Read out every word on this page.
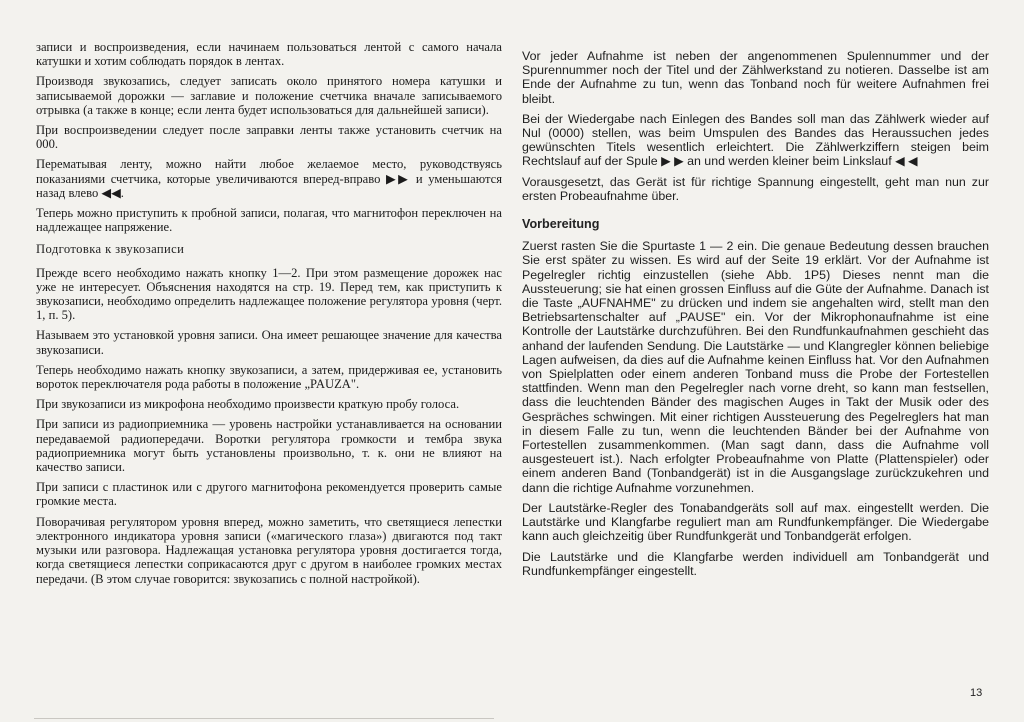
записи и воспроизведения, если начинаем пользоваться лентой с самого начала катушки и хотим соблюдать порядок в лентах.

Производя звукозапись, следует записать около принятого номера катушки и записываемой дорожки — заглавие и положение счетчика вначале записываемого отрывка (а также в конце; если лента будет использоваться для дальнейшей записи).

При воспроизведении следует после заправки ленты также установить счетчик на 000.

Перематывая ленту, можно найти любое желаемое место, руководствуясь показаниями счетчика, которые увеличиваются вперед-вправо ▶▶ и уменьшаются назад влево ◀◀.

Теперь можно приступить к пробной записи, полагая, что магнитофон переключен на надлежащее напряжение.

Подготовка к звукозаписи

Прежде всего необходимо нажать кнопку 1—2. При этом размещение дорожек нас уже не интересует. Объяснения находятся на стр. 19. Перед тем, как приступить к звукозаписи, необходимо определить надлежащее положение регулятора уровня (черт. 1, п. 5).

Называем это установкой уровня записи. Она имеет решающее значение для качества звукозаписи.

Теперь необходимо нажать кнопку звукозаписи, а затем, придерживая ее, установить вороток переключателя рода работы в положение „PAUZA".

При звукозаписи из микрофона необходимо произвести краткую пробу голоса.

При записи из радиоприемника — уровень настройки устанавливается на основании передаваемой радиопередачи. Воротки регулятора громкости и тембра звука радиоприемника могут быть установлены произвольно, т. к. они не влияют на качество записи.

При записи с пластинок или с другого магнитофона рекомендуется проверить самые громкие места.

Поворачивая регулятором уровня вперед, можно заметить, что светящиеся лепестки электронного индикатора уровня записи («магического глаза») двигаются под такт музыки или разговора. Надлежащая установка регулятора уровня достигается тогда, когда светящиеся лепестки соприкасаются друг с другом в наиболее громких местах передачи. (В этом случае говорится: звукозапись с полной настройкой).

Vor jeder Aufnahme ist neben der angenommenen Spulennummer und der Spurennummer noch der Titel und der Zählwerkstand zu notieren. Dasselbe ist am Ende der Aufnahme zu tun, wenn das Tonband noch für weitere Aufnahmen frei bleibt.

Bei der Wiedergabe nach Einlegen des Bandes soll man das Zählwerk wieder auf Nul (0000) stellen, was beim Umspulen des Bandes das Heraussuchen jedes gewünschten Titels wesentlich erleichtert. Die Zählwerkziffern steigen beim Rechtslauf auf der Spule ▶ ▶ an und werden kleiner beim Linkslauf ◀ ◀

Vorausgesetzt, das Gerät ist für richtige Spannung eingestellt, geht man nun zur ersten Probeaufnahme über.

Vorbereitung

Zuerst rasten Sie die Spurtaste 1 — 2 ein. Die genaue Bedeutung dessen brauchen Sie erst später zu wissen. Es wird auf der Seite 19 erklärt. Vor der Aufnahme ist Pegelregler richtig einzustellen (siehe Abb. 1P5) Dieses nennt man die Aussteuerung; sie hat einen grossen Einfluss auf die Güte der Aufnahme. Danach ist die Taste „AUFNAHME" zu drücken und indem sie angehalten wird, stellt man den Betriebsartenschalter auf „PAUSE" ein. Vor der Mikrophonaufnahme ist eine Kontrolle der Lautstärke durchzuführen. Bei den Rundfunkaufnahmen geschieht das anhand der laufenden Sendung. Die Lautstärke — und Klangregler können beliebige Lagen aufweisen, da dies auf die Aufnahme keinen Einfluss hat. Vor den Aufnahmen von Spielplatten oder einem anderen Tonband muss die Probe der Fortestellen stattfinden. Wenn man den Pegelregler nach vorne dreht, so kann man festsellen, dass die leuchtenden Bänder des magischen Auges in Takt der Musik oder des Gespräches schwingen. Mit einer richtigen Aussteuerung des Pegelreglers hat man in diesem Falle zu tun, wenn die leuchtenden Bänder bei der Aufnahme von Fortestellen zusammenkommen. (Man sagt dann, dass die Aufnahme voll ausgesteuert ist.). Nach erfolgter Probeaufnahme von Platte (Plattenspieler) oder einem anderen Band (Tonbandgerät) ist in die Ausgangslage zurückzukehren und dann die richtige Aufnahme vorzunehmen.

Der Lautstärke-Regler des Tonabandgeräts soll auf max. eingestellt werden. Die Lautstärke und Klangfarbe reguliert man am Rundfunkempfänger. Die Wiedergabe kann auch gleichzeitig über Rundfunkgerät und Tonbandgerät erfolgen.

Die Lautstärke und die Klangfarbe werden individuell am Tonbandgerät und Rundfunkempfänger eingestellt.

13
